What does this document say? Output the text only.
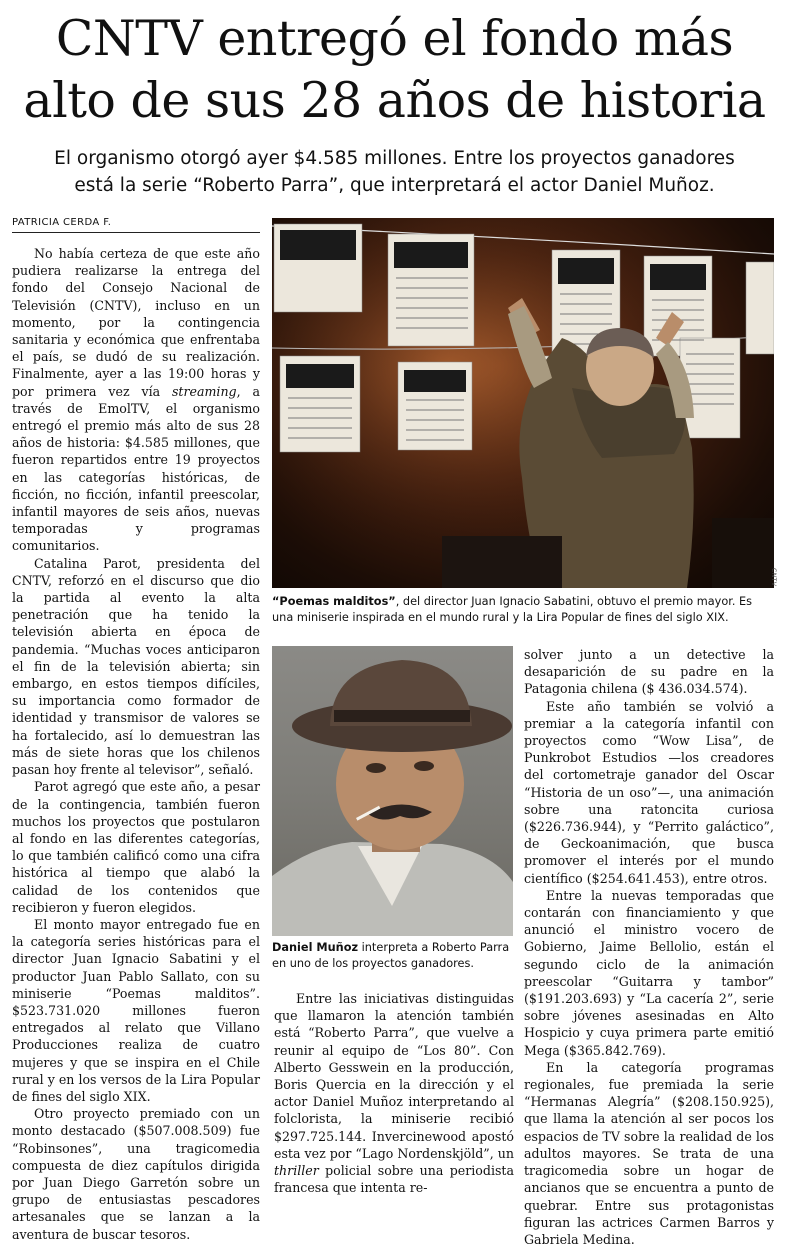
CNTV entregó el fondo más
alto de sus 28 años de historia

El organismo otorgó ayer $4.585 millones. Entre los proyectos ganadores
está la serie “Roberto Parra”, que interpretará el actor Daniel Muñoz.

PATRICIA CERDA F.

No había certeza de que este año pudiera realizarse la entrega del fondo del Consejo Nacional de Televisión (CNTV), incluso en un momento, por la contingencia sanitaria y económica que enfrentaba el país, se dudó de su realización. Finalmente, ayer a las 19:00 horas y por primera vez vía streaming, a través de EmolTV, el organismo entregó el premio más alto de sus 28 años de historia: $4.585 millones, que fueron repartidos entre 19 proyectos en las categorías históricas, de ficción, no ficción, infantil preescolar, infantil mayores de seis años, nuevas temporadas y programas comunitarios.

Catalina Parot, presidenta del CNTV, reforzó en el discurso que dio la partida al evento la alta penetración que ha tenido la televisión abierta en época de pandemia. “Muchas voces anticiparon el fin de la televisión abierta; sin embargo, en estos tiempos difíciles, su importancia como formador de identidad y transmisor de valores se ha fortalecido, así lo demuestran las más de siete horas que los chilenos pasan hoy frente al televisor”, señaló.

Parot agregó que este año, a pesar de la contingencia, también fueron muchos los proyectos que postularon al fondo en las diferentes categorías, lo que también calificó como una cifra histórica al tiempo que alabó la calidad de los contenidos que recibieron y fueron elegidos.

El monto mayor entregado fue en la categoría series históricas para el director Juan Ignacio Sabatini y el productor Juan Pablo Sallato, con su miniserie “Poemas malditos”. $523.731.020 millones fueron entregados al relato que Villano Producciones realiza de cuatro mujeres y que se inspira en el Chile rural y en los versos de la Lira Popular de fines del siglo XIX.

Otro proyecto premiado con un monto destacado ($507.008.509) fue “Robinsones”, una tragicomedia compuesta de diez capítulos dirigida por Juan Diego Garretón sobre un grupo de entusiastas pescadores artesanales que se lanzan a la aventura de buscar tesoros.

CNTV
“Poemas malditos”, del director Juan Ignacio Sabatini, obtuvo el premio mayor. Es una miniserie inspirada en el mundo rural y la Lira Popular de fines del siglo XIX.
Daniel Muñoz interpreta a Roberto Parra en uno de los proyectos ganadores.

Entre las iniciativas distinguidas que llamaron la atención también está “Roberto Parra”, que vuelve a reunir al equipo de “Los 80”. Con Alberto Gesswein en la producción, Boris Quercia en la dirección y el actor Daniel Muñoz interpretando al folclorista, la miniserie recibió $297.725.144. Invercinewood apostó esta vez por “Lago Nordenskjöld”, un thriller policial sobre una periodista francesa que intenta re-

solver junto a un detective la desaparición de su padre en la Patagonia chilena ($ 436.034.574).

Este año también se volvió a premiar a la categoría infantil con proyectos como “Wow Lisa”, de Punkrobot Estudios —los creadores del cortometraje ganador del Oscar “Historia de un oso”—, una animación sobre una ratoncita curiosa ($226.736.944), y “Perrito galáctico”, de Geckoanimación, que busca promover el interés por el mundo científico ($254.641.453), entre otros.

Entre la nuevas temporadas que contarán con financiamiento y que anunció el ministro vocero de Gobierno, Jaime Bellolio, están el segundo ciclo de la animación preescolar “Guitarra y tambor” ($191.203.693) y “La cacería 2”, serie sobre jóvenes asesinadas en Alto Hospicio y cuya primera parte emitió Mega ($365.842.769).

En la categoría programas regionales, fue premiada la serie “Hermanas Alegría” ($208.150.925), que llama la atención al ser pocos los espacios de TV sobre la realidad de los adultos mayores. Se trata de una tragicomedia sobre un hogar de ancianos que se encuentra a punto de quebrar. Entre sus protagonistas figuran las actrices Carmen Barros y Gabriela Medina.
